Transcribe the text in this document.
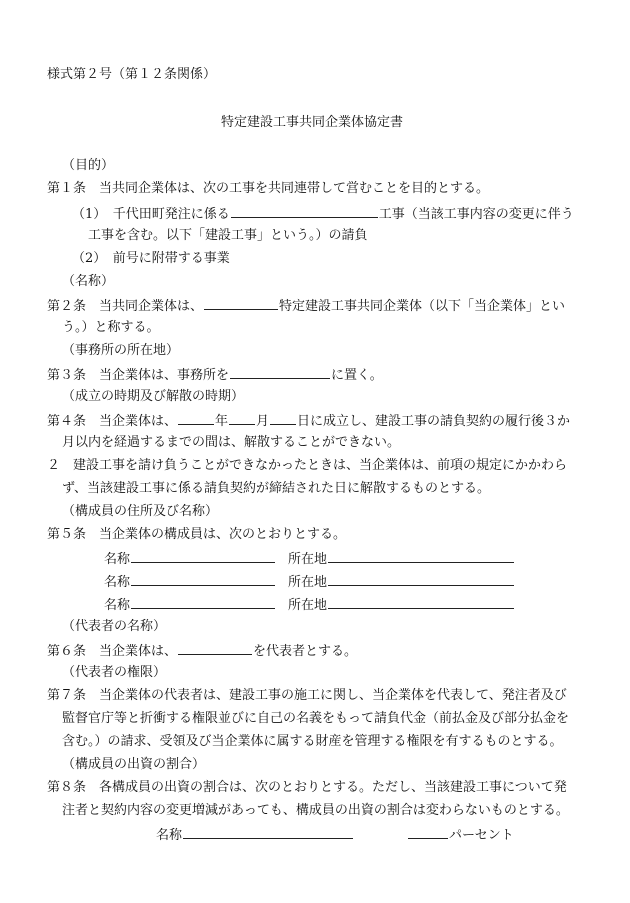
様式第２号（第１２条関係）
特定建設工事共同企業体協定書
（目的）
第１条　当共同企業体は、次の工事を共同連帯して営むことを目的とする。
（1）　千代田町発注に係る	工事（当該工事内容の変更に伴う
工事を含む。以下「建設工事」という。）の請負
（2）　前号に附帯する事業
（名称）
第２条　当共同企業体は、	特定建設工事共同企業体（以下「当企業体」とい
う。）と称する。
（事務所の所在地）
第３条　当企業体は、事務所を	に置く。
（成立の時期及び解散の時期）
第４条　当企業体は、	年 月 日に成立し、建設工事の請負契約の履行後３か
月以内を経過するまでの間は、解散することができない。
２　建設工事を請け負うことができなかったときは、当企業体は、前項の規定にかかわら
ず、当該建設工事に係る請負契約が締結された日に解散するものとする。
（構成員の住所及び名称）
第５条　当企業体の構成員は、次のとおりとする。
名称	所在地
名称	所在地
名称	所在地
（代表者の名称）
第６条　当企業体は、	を代表者とする。
（代表者の権限）
第７条　当企業体の代表者は、建設工事の施工に関し、当企業体を代表して、発注者及び
監督官庁等と折衝する権限並びに自己の名義をもって請負代金（前払金及び部分払金を
含む。）の請求、受領及び当企業体に属する財産を管理する権限を有するものとする。
（構成員の出資の割合）
第８条　各構成員の出資の割合は、次のとおりとする。ただし、当該建設工事について発
注者と契約内容の変更増減があっても、構成員の出資の割合は変わらないものとする。
名称	パーセント
